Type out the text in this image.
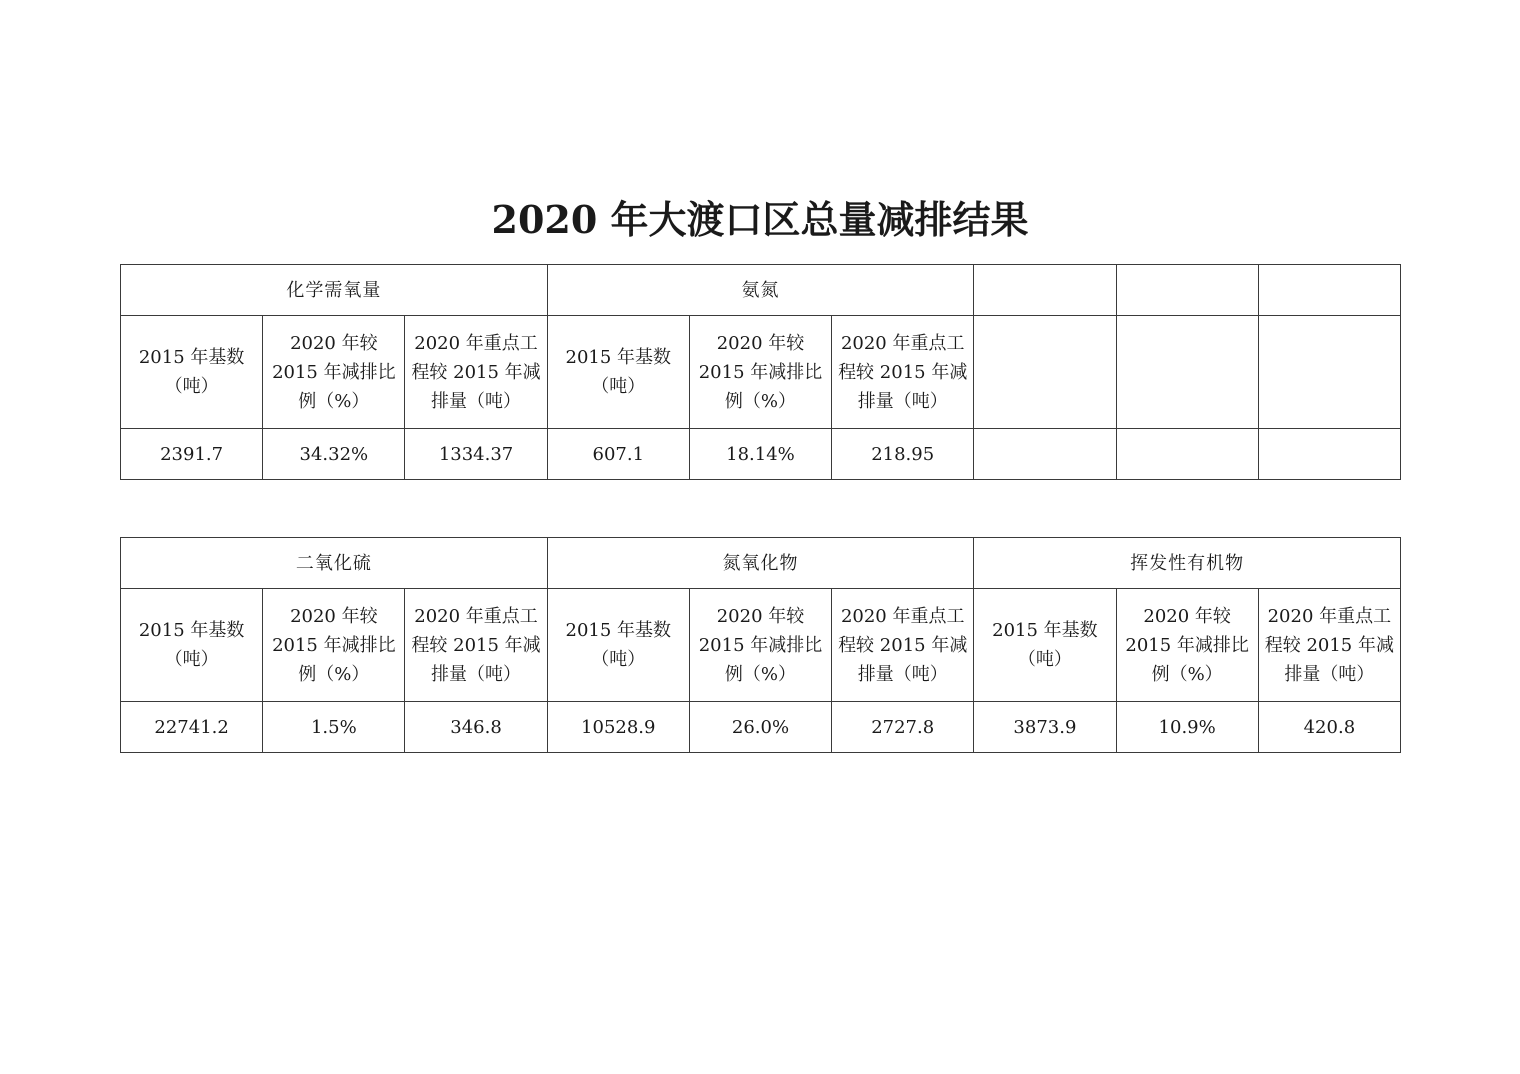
2020 年大渡口区总量减排结果
化学需氧量			氨氮					
2015 年基数（吨）	2020 年较 2015 年减排比例（%）	2020 年重点工程较 2015 年减排量（吨）	2015 年基数（吨）	2020 年较 2015 年减排比例（%）	2020 年重点工程较 2015 年减排量（吨）			
2391.7	34.32%	1334.37	607.1	18.14%	218.95			
二氧化硫			氮氧化物			挥发性有机物		
2015 年基数（吨）	2020 年较 2015 年减排比例（%）	2020 年重点工程较 2015 年减排量（吨）	2015 年基数（吨）	2020 年较 2015 年减排比例（%）	2020 年重点工程较 2015 年减排量（吨）	2015 年基数（吨）	2020 年较 2015 年减排比例（%）	2020 年重点工程较 2015 年减排量（吨）
22741.2	1.5%	346.8	10528.9	26.0%	2727.8	3873.9	10.9%	420.8
